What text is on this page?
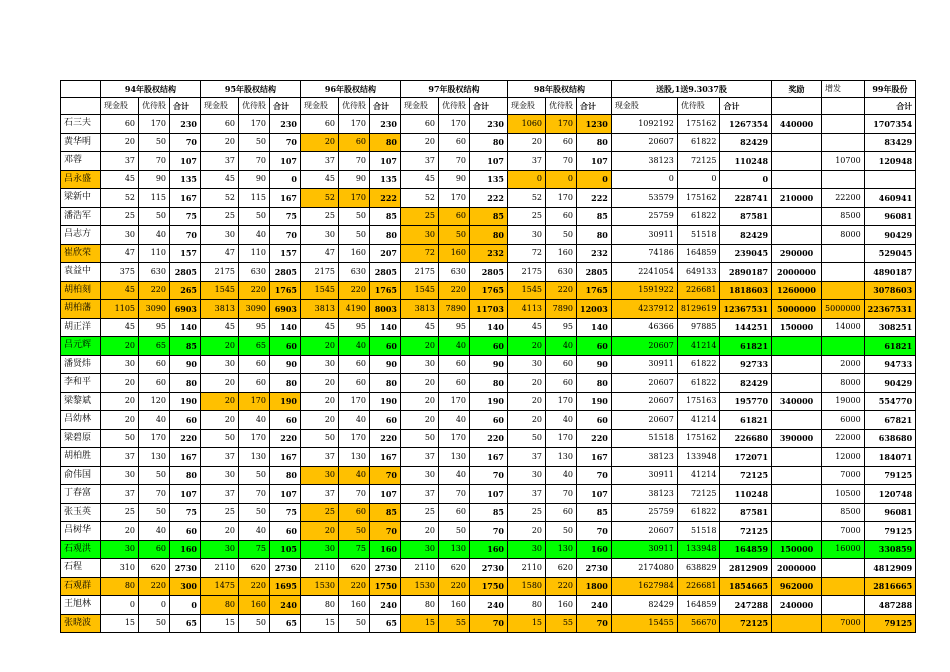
	94年股权结构			95年股权结构			96年股权结构			97年股权结构			98年股权结构			送股,1送9.3037股			奖励	增发	99年股份
	现金股	优待股	合计	现金股	优待股	合计	现金股	优待股	合计	现金股	优待股	合计	现金股	优待股	合计	现金股	优待股	合计			合计
石三夫	60	170	230	60	170	230	60	170	230	60	170	230	1060	170	1230	1092192	175162	1267354	440000		1707354
黄华明	20	50	70	20	50	70	20	60	80	20	60	80	20	60	80	20607	61822	82429			83429
邓蓉	37	70	107	37	70	107	37	70	107	37	70	107	37	70	107	38123	72125	110248		10700	120948
吕永盛	45	90	135	45	90	0	45	90	135	45	90	135	0	0	0	0	0	0			
梁新中	52	115	167	52	115	167	52	170	222	52	170	222	52	170	222	53579	175162	228741	210000	22200	460941
潘浩军	25	50	75	25	50	75	25	50	85	25	60	85	25	60	85	25759	61822	87581		8500	96081
吕志方	30	40	70	30	40	70	30	50	80	30	50	80	30	50	80	30911	51518	82429		8000	90429
崔欣荣	47	110	157	47	110	157	47	160	207	72	160	232	72	160	232	74186	164859	239045	290000		529045
袁益中	375	630	2805	2175	630	2805	2175	630	2805	2175	630	2805	2175	630	2805	2241054	649133	2890187	2000000		4890187
胡柏刻	45	220	265	1545	220	1765	1545	220	1765	1545	220	1765	1545	220	1765	1591922	226681	1818603	1260000		3078603
胡柏藩	1105	3090	6903	3813	3090	6903	3813	4190	8003	3813	7890	11703	4113	7890	12003	4237912	8129619	12367531	5000000	5000000	22367531
胡正洋	45	95	140	45	95	140	45	95	140	45	95	140	45	95	140	46366	97885	144251	150000	14000	308251
吕元辉	20	65	85	20	65	60	20	40	60	20	40	60	20	40	60	20607	41214	61821			61821
潘贤炜	30	60	90	30	60	90	30	60	90	30	60	90	30	60	90	30911	61822	92733		2000	94733
李和平	20	60	80	20	60	80	20	60	80	20	60	80	20	60	80	20607	61822	82429		8000	90429
梁黎斌	20	120	190	20	170	190	20	170	190	20	170	190	20	170	190	20607	175163	195770	340000	19000	554770
吕幼林	20	40	60	20	40	60	20	40	60	20	40	60	20	40	60	20607	41214	61821		6000	67821
梁碧原	50	170	220	50	170	220	50	170	220	50	170	220	50	170	220	51518	175162	226680	390000	22000	638680
胡柏胜	37	130	167	37	130	167	37	130	167	37	130	167	37	130	167	38123	133948	172071		12000	184071
俞伟国	30	50	80	30	50	80	30	40	70	30	40	70	30	40	70	30911	41214	72125		7000	79125
丁春富	37	70	107	37	70	107	37	70	107	37	70	107	37	70	107	38123	72125	110248		10500	120748
张玉英	25	50	75	25	50	75	25	60	85	25	60	85	25	60	85	25759	61822	87581		8500	96081
吕树华	20	40	60	20	40	60	20	50	70	20	50	70	20	50	70	20607	51518	72125		7000	79125
石观洪	30	60	160	30	75	105	30	75	160	30	130	160	30	130	160	30911	133948	164859	150000	16000	330859
石程	310	620	2730	2110	620	2730	2110	620	2730	2110	620	2730	2110	620	2730	2174080	638829	2812909	2000000		4812909
石观群	80	220	300	1475	220	1695	1530	220	1750	1530	220	1750	1580	220	1800	1627984	226681	1854665	962000		2816665
王旭林	0	0	0	80	160	240	80	160	240	80	160	240	80	160	240	82429	164859	247288	240000		487288
张晓波	15	50	65	15	50	65	15	50	65	15	55	70	15	55	70	15455	56670	72125		7000	79125
